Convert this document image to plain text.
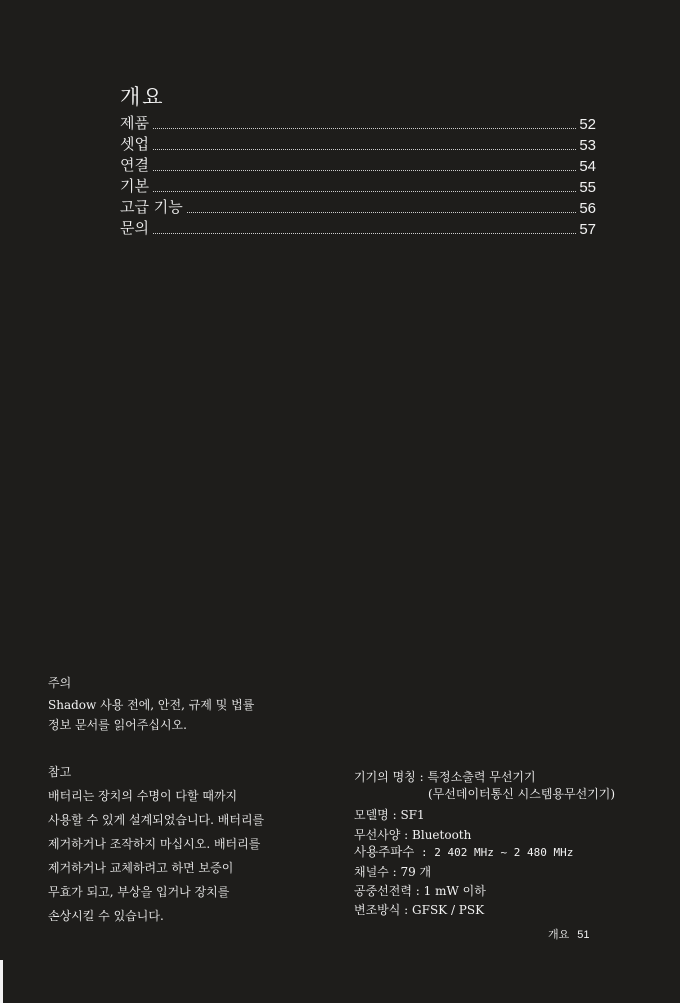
개요
제품	52
셋업	53
연결	54
기본	55
고급 기능	56
문의	57
주의
Shadow 사용 전에, 안전, 규제 및 법률
정보 문서를 읽어주십시오.
참고
배터리는 장치의 수명이 다할 때까지
사용할 수 있게 설계되었습니다. 배터리를
제거하거나 조작하지 마십시오. 배터리를
제거하거나 교체하려고 하면 보증이
무효가 되고, 부상을 입거나 장치를
손상시킬 수 있습니다.
기기의 명칭 : 특정소출력 무선기기
(무선데이터통신 시스템용무선기기)
모델명 : SF1
무선사양 : Bluetooth
사용주파수 : 2 402 MHz ~ 2 480 MHz
채널수 : 79 개
공중선전력 : 1 mW 이하
변조방식 : GFSK / PSK
개요 51
